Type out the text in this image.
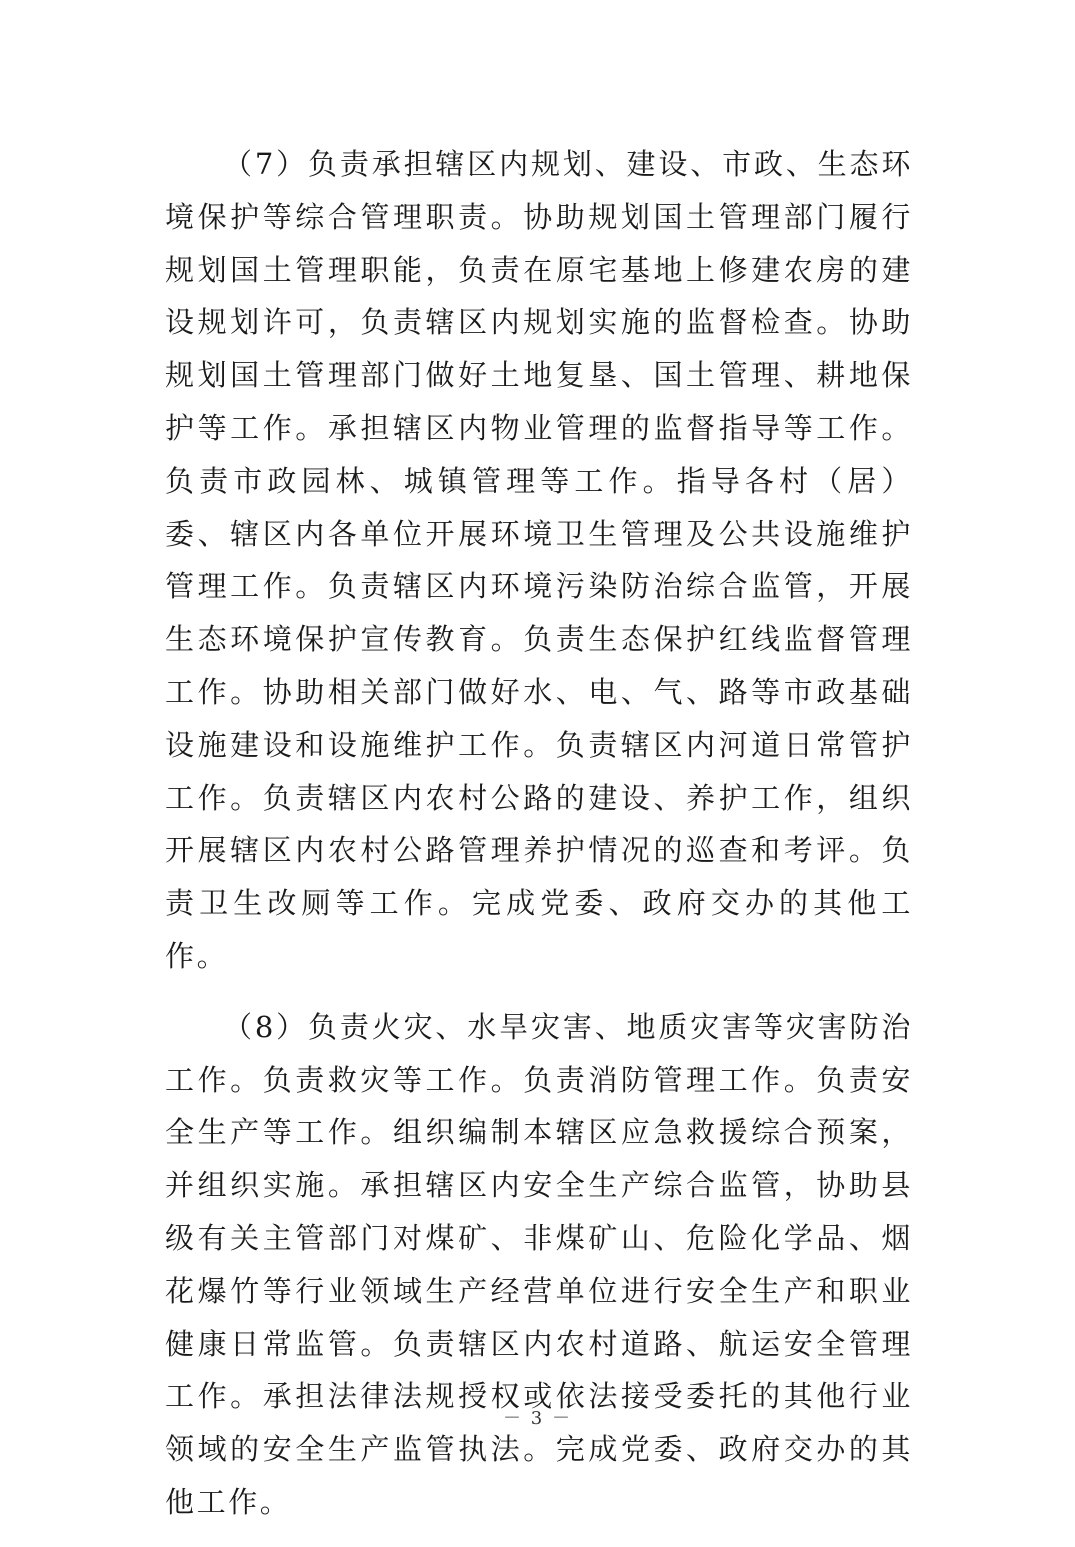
（7）负责承担辖区内规划、建设、市政、生态环境保护等综合管理职责。协助规划国土管理部门履行规划国土管理职能，负责在原宅基地上修建农房的建设规划许可，负责辖区内规划实施的监督检查。协助规划国土管理部门做好土地复垦、国土管理、耕地保护等工作。承担辖区内物业管理的监督指导等工作。负责市政园林、城镇管理等工作。指导各村（居）委、辖区内各单位开展环境卫生管理及公共设施维护管理工作。负责辖区内环境污染防治综合监管，开展生态环境保护宣传教育。负责生态保护红线监督管理工作。协助相关部门做好水、电、气、路等市政基础设施建设和设施维护工作。负责辖区内河道日常管护工作。负责辖区内农村公路的建设、养护工作，组织开展辖区内农村公路管理养护情况的巡查和考评。负责卫生改厕等工作。完成党委、政府交办的其他工作。

（8）负责火灾、水旱灾害、地质灾害等灾害防治工作。负责救灾等工作。负责消防管理工作。负责安全生产等工作。组织编制本辖区应急救援综合预案，并组织实施。承担辖区内安全生产综合监管，协助县级有关主管部门对煤矿、非煤矿山、危险化学品、烟花爆竹等行业领域生产经营单位进行安全生产和职业健康日常监管。负责辖区内农村道路、航运安全管理工作。承担法律法规授权或依法接受委托的其他行业领域的安全生产监管执法。完成党委、政府交办的其他工作。

－ 3 －
